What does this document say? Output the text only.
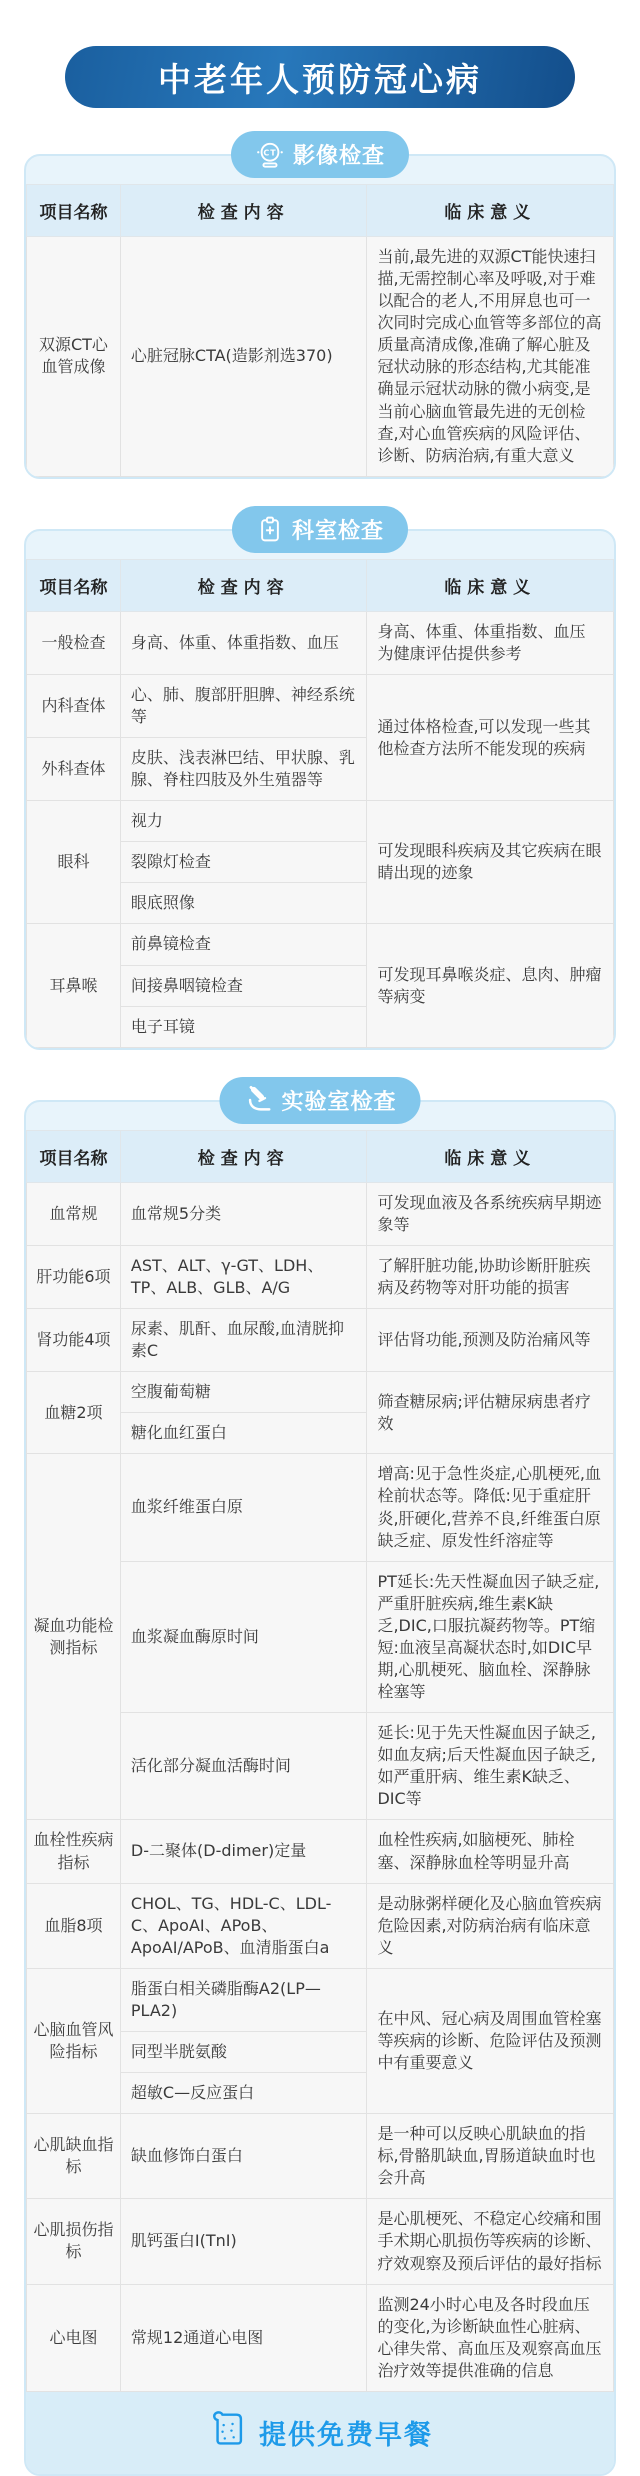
中老年人预防冠心病
CT 影像检查
项目名称	检查内容	临床意义
双源CT心血管成像	心脏冠脉CTA(造影剂选370)	当前,最先进的双源CT能快速扫描,无需控制心率及呼吸,对于难以配合的老人,不用屏息也可一次同时完成心血管等多部位的高质量高清成像,准确了解心脏及冠状动脉的形态结构,尤其能准确显示冠状动脉的微小病变,是当前心脑血管最先进的无创检查,对心血管疾病的风险评估、诊断、防病治病,有重大意义
科室检查
项目名称	检查内容	临床意义
一般检查	身高、体重、体重指数、血压	身高、体重、体重指数、血压 为健康评估提供参考
内科查体	心、肺、腹部肝胆脾、神经系统等	通过体格检查,可以发现一些其他检查方法所不能发现的疾病
外科查体	皮肤、浅表淋巴结、甲状腺、乳腺、脊柱四肢及外生殖器等	
眼科	视力	可发现眼科疾病及其它疾病在眼睛出现的迹象
	裂隙灯检查	
	眼底照像	
耳鼻喉	前鼻镜检查	可发现耳鼻喉炎症、息肉、肿瘤等病变
	间接鼻咽镜检查	
	电子耳镜	
实验室检查
项目名称	检查内容	临床意义
血常规	血常规5分类	可发现血液及各系统疾病早期迹象等
肝功能6项	AST、ALT、γ-GT、LDH、TP、ALB、GLB、A/G	了解肝脏功能,协助诊断肝脏疾病及药物等对肝功能的损害
肾功能4项	尿素、肌酐、血尿酸,血清胱抑素C	评估肾功能,预测及防治痛风等
血糖2项	空腹葡萄糖	筛查糖尿病;评估糖尿病患者疗效
	糖化血红蛋白	
凝血功能检测指标	血浆纤维蛋白原	增高:见于急性炎症,心肌梗死,血栓前状态等。降低:见于重症肝炎,肝硬化,营养不良,纤维蛋白原缺乏症、原发性纤溶症等
	血浆凝血酶原时间	PT延长:先天性凝血因子缺乏症,严重肝脏疾病,维生素K缺乏,DIC,口服抗凝药物等。PT缩短:血液呈高凝状态时,如DIC早期,心肌梗死、脑血栓、深静脉栓塞等
	活化部分凝血活酶时间	延长:见于先天性凝血因子缺乏,如血友病;后天性凝血因子缺乏,如严重肝病、维生素K缺乏、DIC等
血栓性疾病指标	D-二聚体(D-dimer)定量	血栓性疾病,如脑梗死、肺栓塞、深静脉血栓等明显升高
血脂8项	CHOL、TG、HDL-C、LDL-C、ApoAI、APoB、ApoAI/APoB、血清脂蛋白a	是动脉粥样硬化及心脑血管疾病危险因素,对防病治病有临床意义
心脑血管风险指标	脂蛋白相关磷脂酶A2(LP—PLA2)	在中风、冠心病及周围血管栓塞等疾病的诊断、危险评估及预测中有重要意义
	同型半胱氨酸	
	超敏C—反应蛋白	
心肌缺血指标	缺血修饰白蛋白	是一种可以反映心肌缺血的指标,骨骼肌缺血,胃肠道缺血时也会升高
心肌损伤指标	肌钙蛋白I(TnI)	是心肌梗死、不稳定心绞痛和围手术期心肌损伤等疾病的诊断、疗效观察及预后评估的最好指标
心电图	常规12通道心电图	监测24小时心电及各时段血压的变化,为诊断缺血性心脏病、心律失常、高血压及观察高血压治疗效等提供准确的信息
提供免费早餐
